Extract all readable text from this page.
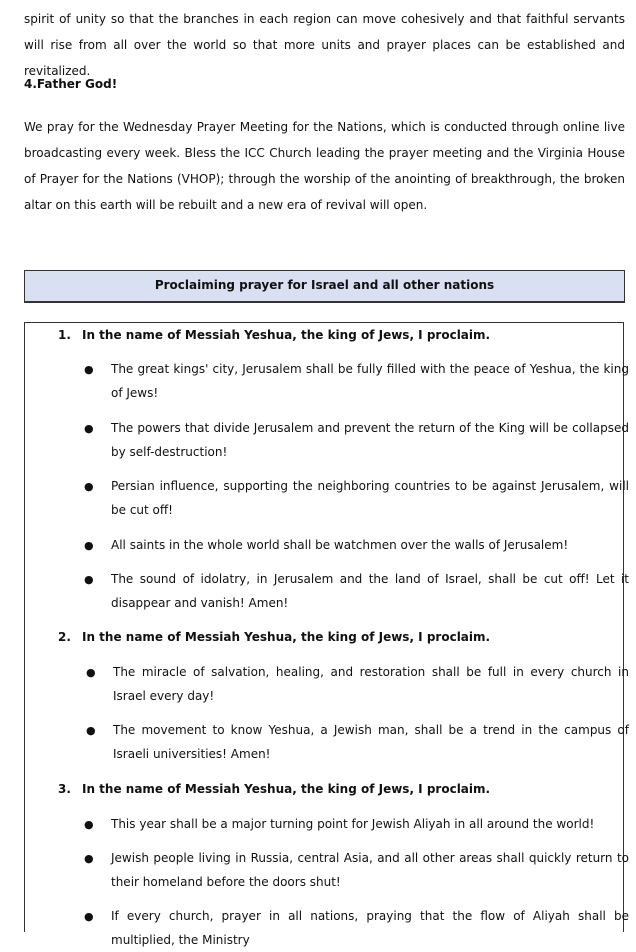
spirit of unity so that the branches in each region can move cohesively and that faithful servants will rise from all over the world so that more units and prayer places can be established and revitalized.

4.Father God!

We pray for the Wednesday Prayer Meeting for the Nations, which is conducted through online live broadcasting every week. Bless the ICC Church leading the prayer meeting and the Virginia House of Prayer for the Nations (VHOP); through the worship of the anointing of breakthrough, the broken altar on this earth will be rebuilt and a new era of revival will open.

Proclaiming prayer for Israel and all other nations

1. In the name of Messiah Yeshua, the king of Jews, I proclaim.

● The great kings' city, Jerusalem shall be fully filled with the peace of Yeshua, the king of Jews!
● The powers that divide Jerusalem and prevent the return of the King will be collapsed by self-destruction!
● Persian influence, supporting the neighboring countries to be against Jerusalem, will be cut off!
● All saints in the whole world shall be watchmen over the walls of Jerusalem!
● The sound of idolatry, in Jerusalem and the land of Israel, shall be cut off! Let it disappear and vanish! Amen!

2. In the name of Messiah Yeshua, the king of Jews, I proclaim.

● The miracle of salvation, healing, and restoration shall be full in every church in Israel every day!
● The movement to know Yeshua, a Jewish man, shall be a trend in the campus of Israeli universities! Amen!

3. In the name of Messiah Yeshua, the king of Jews, I proclaim.

● This year shall be a major turning point for Jewish Aliyah in all around the world!
● Jewish people living in Russia, central Asia, and all other areas shall quickly return to their homeland before the doors shut!
● If every church, prayer in all nations, praying that the flow of Aliyah shall be multiplied, the Ministry
